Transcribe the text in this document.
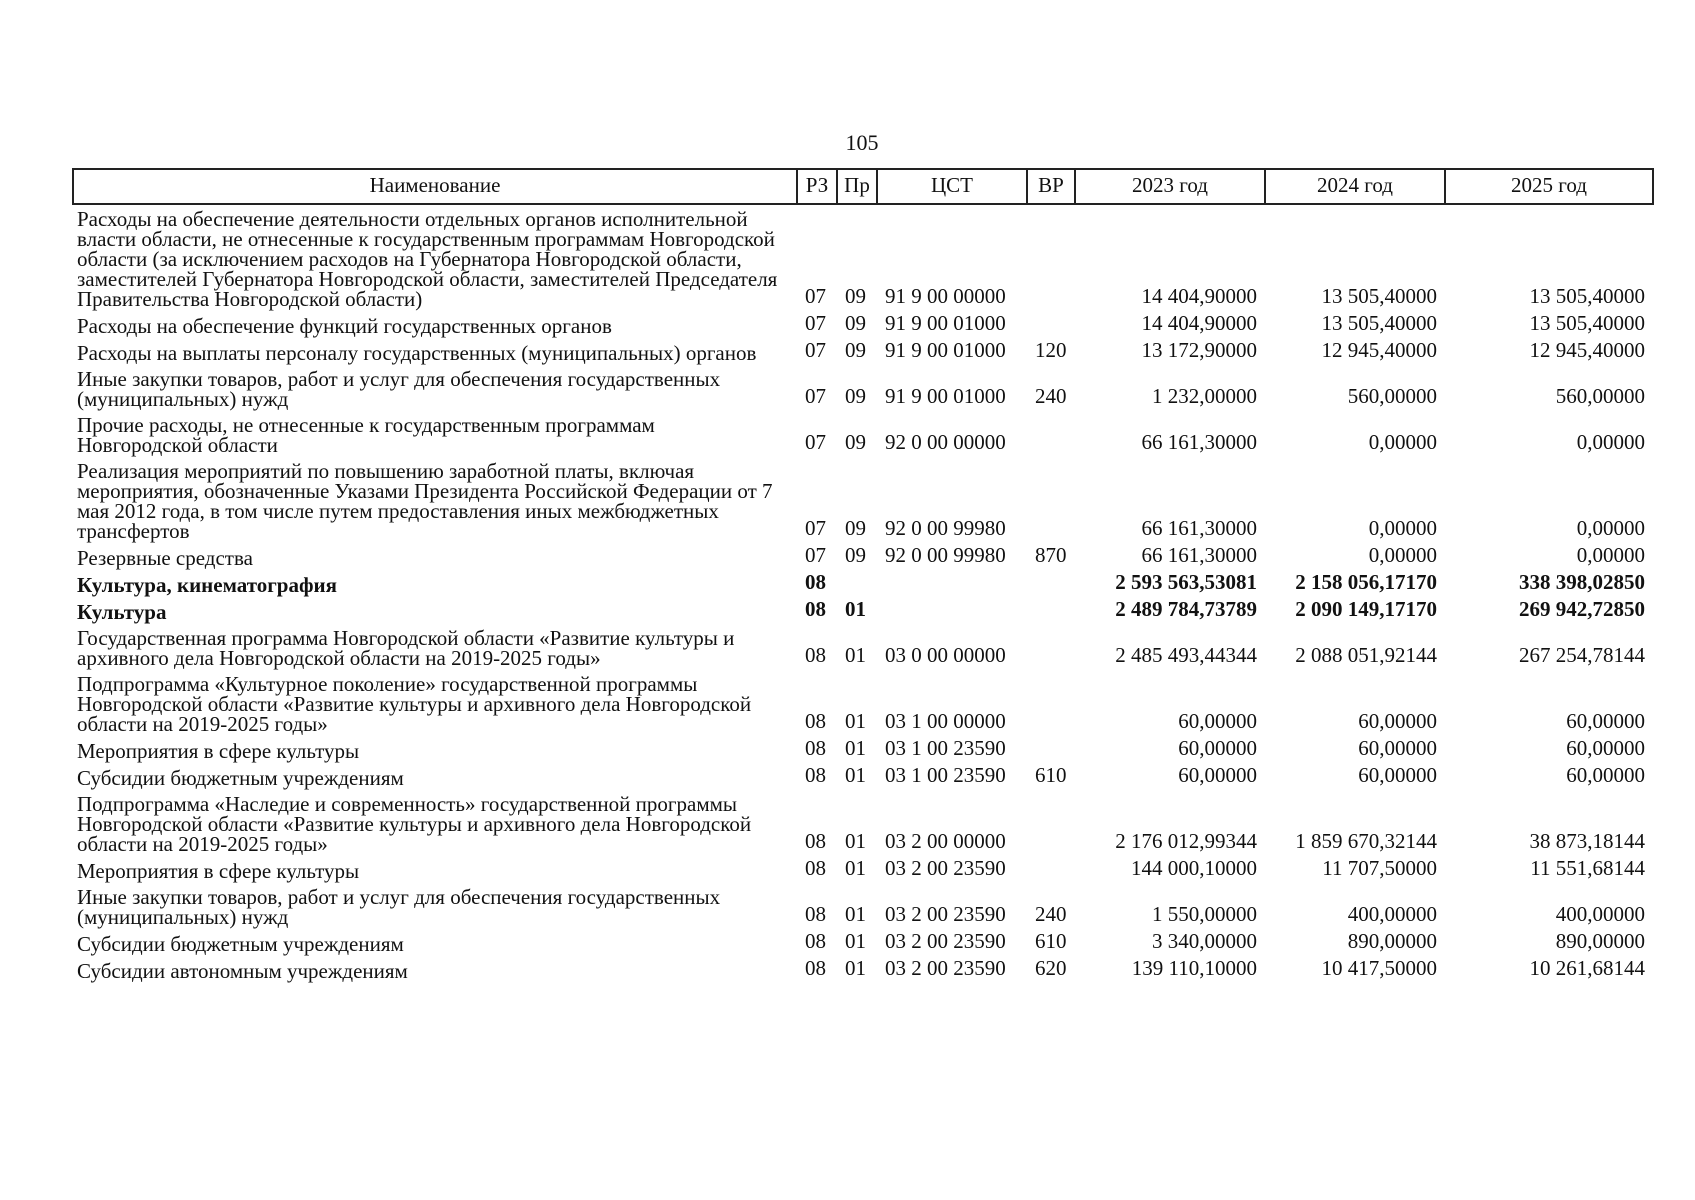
105
Наименование	РЗ	Пр	ЦСТ	ВР	2023 год	2024 год	2025 год
Расходы на обеспечение деятельности отдельных органов исполнительной власти области, не отнесенные к государственным программам Новгородской области (за исключением расходов на Губернатора Новгородской области, заместителей Губернатора Новгородской области, заместителей Председателя Правительства Новгородской области)	07	09	91 9 00 00000		14 404,90000	13 505,40000	13 505,40000
Расходы на обеспечение функций государственных органов	07	09	91 9 00 01000		14 404,90000	13 505,40000	13 505,40000
Расходы на выплаты персоналу государственных (муниципальных) органов	07	09	91 9 00 01000	120	13 172,90000	12 945,40000	12 945,40000
Иные закупки товаров, работ и услуг для обеспечения государственных (муниципальных) нужд	07	09	91 9 00 01000	240	1 232,00000	560,00000	560,00000
Прочие расходы, не отнесенные к государственным программам Новгородской области	07	09	92 0 00 00000		66 161,30000	0,00000	0,00000
Реализация мероприятий по повышению заработной платы, включая мероприятия, обозначенные Указами Президента Российской Федерации от 7 мая 2012 года, в том числе путем предоставления иных межбюджетных трансфертов	07	09	92 0 00 99980		66 161,30000	0,00000	0,00000
Резервные средства	07	09	92 0 00 99980	870	66 161,30000	0,00000	0,00000
Культура, кинематография	08				2 593 563,53081	2 158 056,17170	338 398,02850
Культура	08	01			2 489 784,73789	2 090 149,17170	269 942,72850
Государственная программа Новгородской области «Развитие культуры и архивного дела Новгородской области на 2019-2025 годы»	08	01	03 0 00 00000		2 485 493,44344	2 088 051,92144	267 254,78144
Подпрограмма «Культурное поколение» государственной программы Новгородской области «Развитие культуры и архивного дела Новгородской области на 2019-2025 годы»	08	01	03 1 00 00000		60,00000	60,00000	60,00000
Мероприятия в сфере культуры	08	01	03 1 00 23590		60,00000	60,00000	60,00000
Субсидии бюджетным учреждениям	08	01	03 1 00 23590	610	60,00000	60,00000	60,00000
Подпрограмма «Наследие и современность» государственной программы Новгородской области «Развитие культуры и архивного дела Новгородской области на 2019-2025 годы»	08	01	03 2 00 00000		2 176 012,99344	1 859 670,32144	38 873,18144
Мероприятия в сфере культуры	08	01	03 2 00 23590		144 000,10000	11 707,50000	11 551,68144
Иные закупки товаров, работ и услуг для обеспечения государственных (муниципальных) нужд	08	01	03 2 00 23590	240	1 550,00000	400,00000	400,00000
Субсидии бюджетным учреждениям	08	01	03 2 00 23590	610	3 340,00000	890,00000	890,00000
Субсидии автономным учреждениям	08	01	03 2 00 23590	620	139 110,10000	10 417,50000	10 261,68144
